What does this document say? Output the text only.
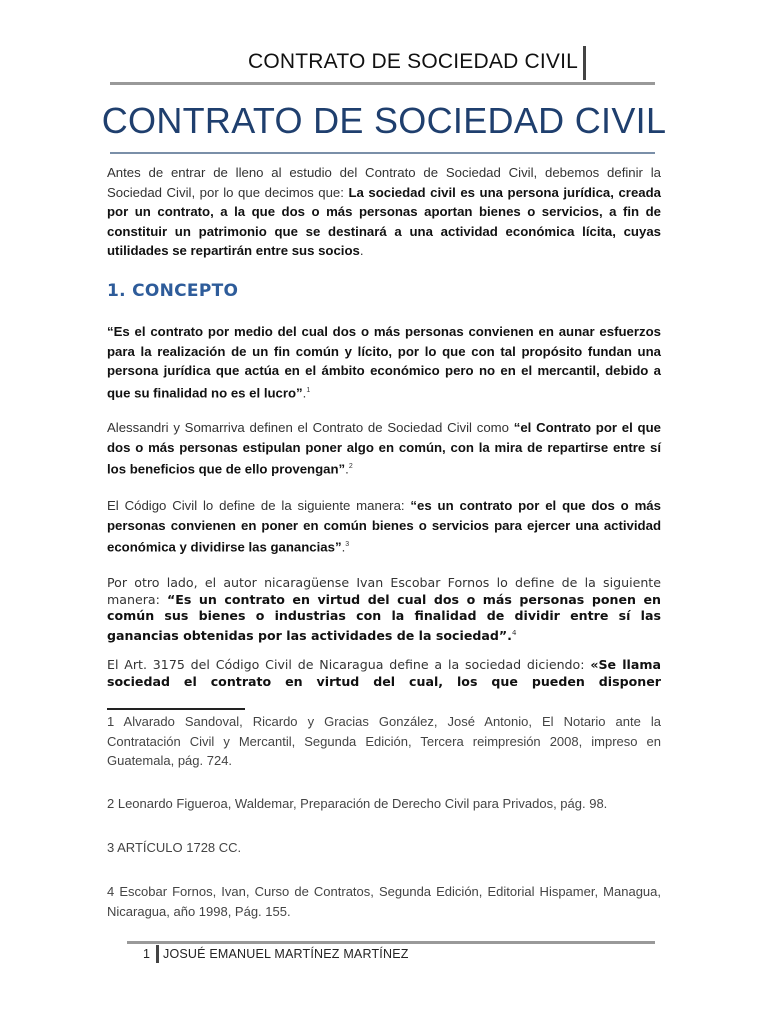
CONTRATO DE SOCIEDAD CIVIL
CONTRATO DE SOCIEDAD CIVIL
Antes de entrar de lleno al estudio del Contrato de Sociedad Civil, debemos definir la Sociedad Civil, por lo que decimos que: La sociedad civil es una persona jurídica, creada por un contrato, a la que dos o más personas aportan bienes o servicios, a fin de constituir un patrimonio que se destinará a una actividad económica lícita, cuyas utilidades se repartirán entre sus socios.
1. CONCEPTO
“Es el contrato por medio del cual dos o más personas convienen en aunar esfuerzos para la realización de un fin común y lícito, por lo que con tal propósito fundan una persona jurídica que actúa en el ámbito económico pero no en el mercantil, debido a que su finalidad no es el lucro”.$^1$
Alessandri y Somarriva definen el Contrato de Sociedad Civil como “el Contrato por el que dos o más personas estipulan poner algo en común, con la mira de repartirse entre sí los beneficios que de ello provengan”.$^2$
El Código Civil lo define de la siguiente manera: “es un contrato por el que dos o más personas convienen en poner en común bienes o servicios para ejercer una actividad económica y dividirse las ganancias”.$^3$
Por otro lado, el autor nicaragüense Ivan Escobar Fornos lo define de la siguiente manera: “Es un contrato en virtud del cual dos o más personas ponen en común sus bienes o industrias con la finalidad de dividir entre sí las ganancias obtenidas por las actividades de la sociedad”.$^4$
El Art. 3175 del Código Civil de Nicaragua define a la sociedad diciendo: «Se llama sociedad el contrato en virtud del cual, los que pueden disponer
1 Alvarado Sandoval, Ricardo y Gracias González, José Antonio, El Notario ante la Contratación Civil y Mercantil, Segunda Edición, Tercera reimpresión 2008, impreso en Guatemala, pág. 724.
2 Leonardo Figueroa, Waldemar, Preparación de Derecho Civil para Privados, pág. 98.
3 ARTÍCULO 1728 CC.
4 Escobar Fornos, Ivan, Curso de Contratos, Segunda Edición, Editorial Hispamer, Managua, Nicaragua, año 1998, Pág. 155.
1 JOSUÉ EMANUEL MARTÍNEZ MARTÍNEZ
